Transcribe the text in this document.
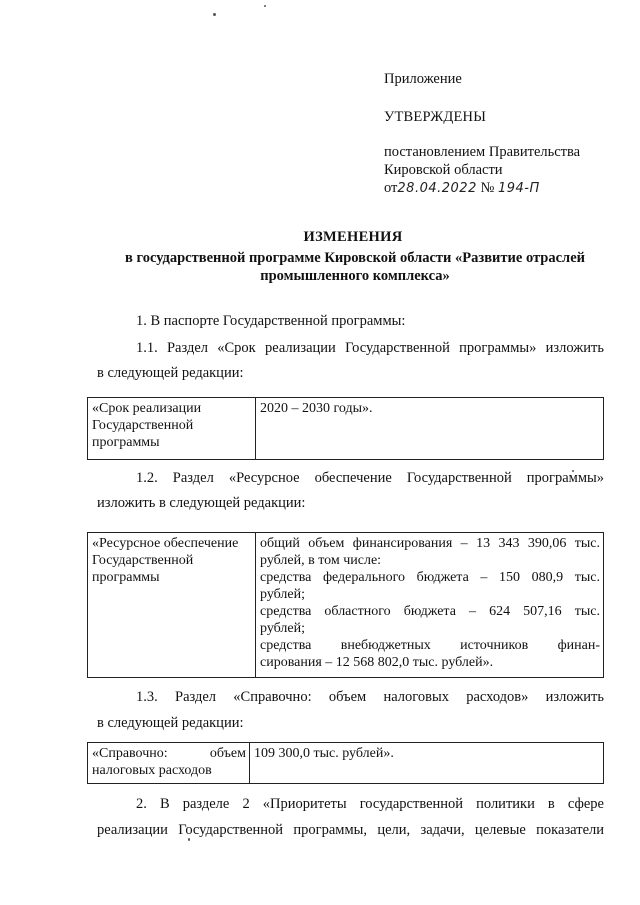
Приложение
УТВЕРЖДЕНЫ
постановлением Правительства
Кировской области
от28.04.2022 № 194-П
ИЗМЕНЕНИЯ
в государственной программе Кировской области «Развитие отраслей
промышленного комплекса»
1. В паспорте Государственной программы:
1.1. Раздел «Срок реализации Государственной программы» изложить
в следующей редакции:
«Срок реализации
Государственной
программы

2020 – 2030 годы».
1.2. Раздел «Ресурсное обеспечение Государственной программы»
изложить в следующей редакции:
«Ресурсное обеспечение
Государственной
программы

общий объем финансирования – 13 343 390,06 тыс.
рублей, в том числе:
средства федерального бюджета – 150 080,9 тыс.
рублей;
средства областного бюджета – 624 507,16 тыс.
рублей;
средства внебюджетных источников финан-
сирования – 12 568 802,0 тыс. рублей».
1.3. Раздел «Справочно: объем налоговых расходов» изложить
в следующей редакции:
«Справочно: объем
налоговых расходов

109 300,0 тыс. рублей».
2. В разделе 2 «Приоритеты государственной политики в сфере
реализации Государственной программы, цели, задачи, целевые показатели
